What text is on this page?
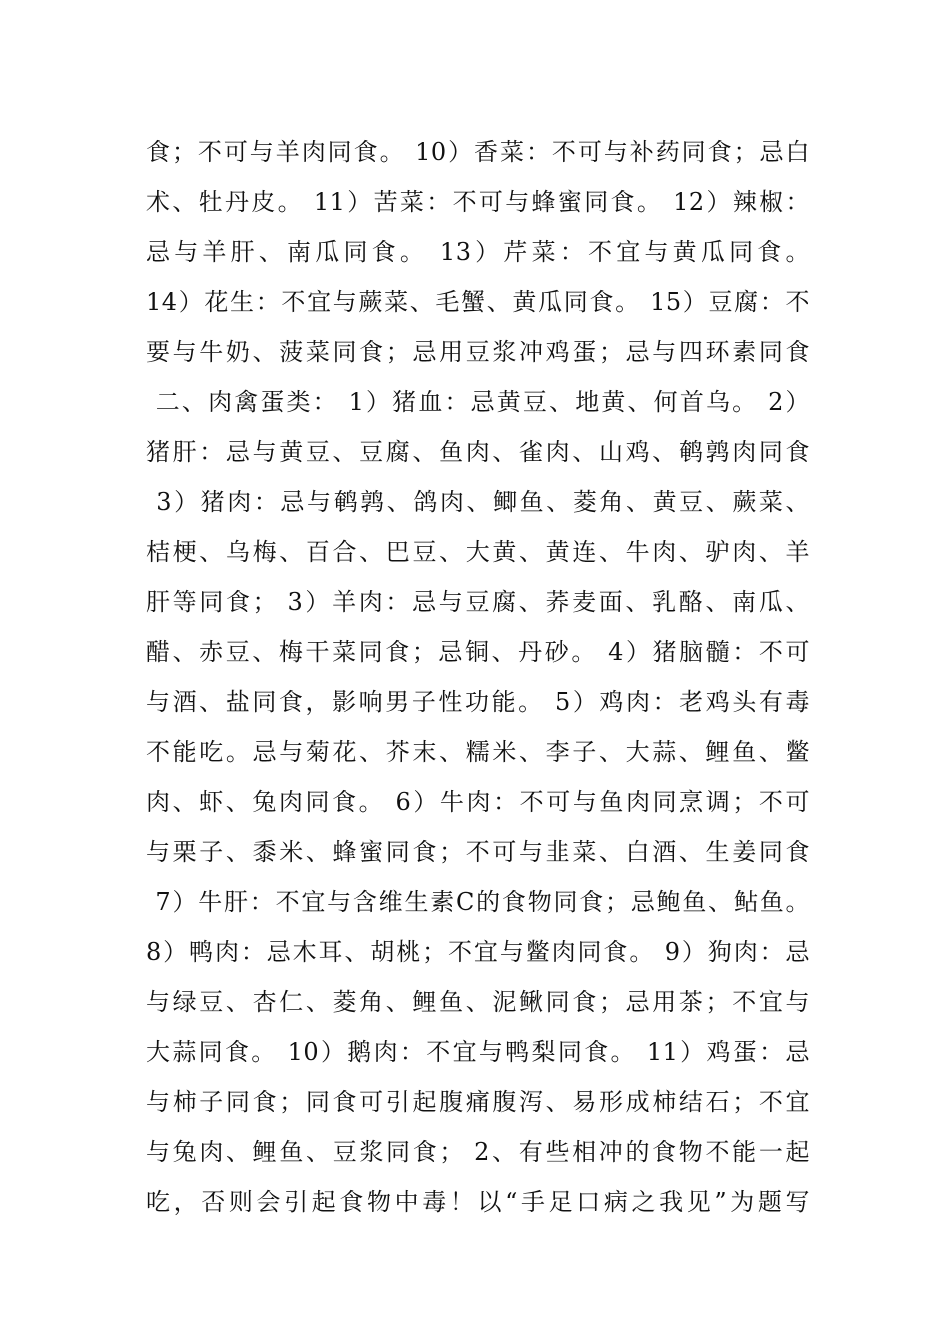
食；不可与羊肉同食。 10）香菜：不可与补药同食；忌白
术、牡丹皮。 11）苦菜：不可与蜂蜜同食。 12）辣椒：
忌与羊肝、南瓜同食。 13）芹菜：不宜与黄瓜同食。
14）花生：不宜与蕨菜、毛蟹、黄瓜同食。 15）豆腐：不
要与牛奶、菠菜同食；忌用豆浆冲鸡蛋；忌与四环素同食
二、肉禽蛋类： 1）猪血：忌黄豆、地黄、何首乌。 2）
猪肝：忌与黄豆、豆腐、鱼肉、雀肉、山鸡、鹌鹑肉同食
3）猪肉：忌与鹌鹑、鸽肉、鲫鱼、菱角、黄豆、蕨菜、
桔梗、乌梅、百合、巴豆、大黄、黄连、牛肉、驴肉、羊
肝等同食； 3）羊肉：忌与豆腐、荞麦面、乳酪、南瓜、
醋、赤豆、梅干菜同食；忌铜、丹砂。 4）猪脑髓：不可
与酒、盐同食，影响男子性功能。 5）鸡肉：老鸡头有毒
不能吃。忌与菊花、芥末、糯米、李子、大蒜、鲤鱼、鳖
肉、虾、兔肉同食。 6）牛肉：不可与鱼肉同烹调；不可
与栗子、黍米、蜂蜜同食；不可与韭菜、白酒、生姜同食
7）牛肝：不宜与含维生素C的食物同食；忌鲍鱼、鲇鱼。
8）鸭肉：忌木耳、胡桃；不宜与鳖肉同食。 9）狗肉：忌
与绿豆、杏仁、菱角、鲤鱼、泥鳅同食；忌用茶；不宜与
大蒜同食。 10）鹅肉：不宜与鸭梨同食。 11）鸡蛋：忌
与柿子同食；同食可引起腹痛腹泻、易形成柿结石；不宜
与兔肉、鲤鱼、豆浆同食； 2、有些相冲的食物不能一起
吃，否则会引起食物中毒！以“手足口病之我见”为题写
